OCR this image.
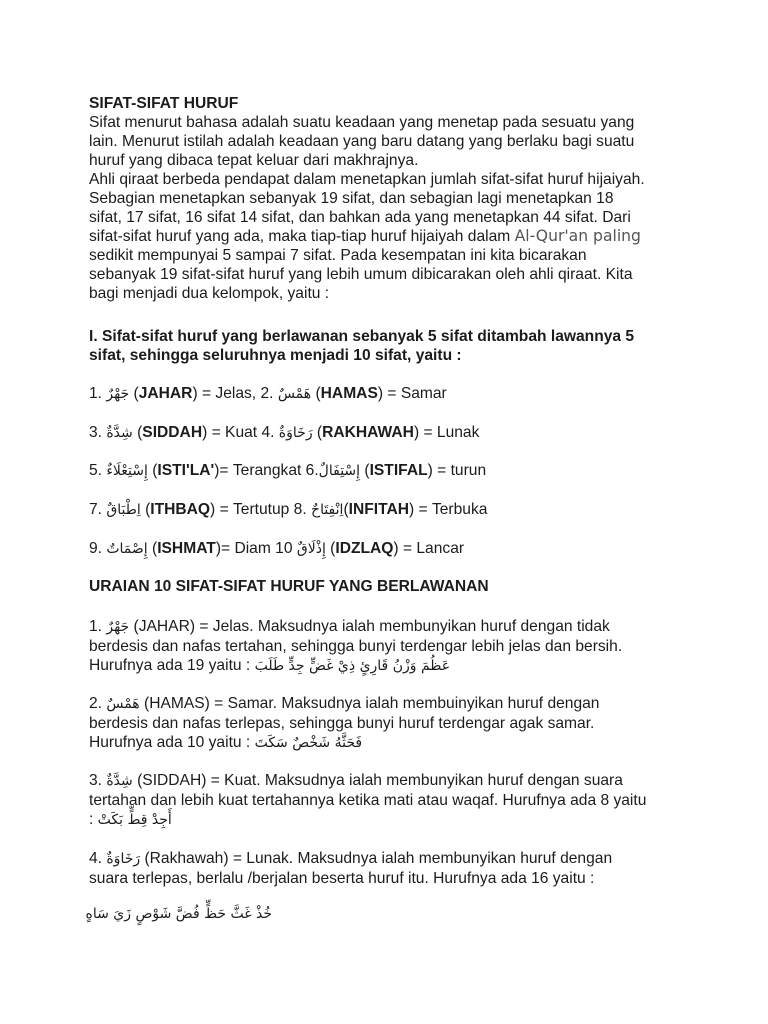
SIFAT-SIFAT HURUF
Sifat menurut bahasa adalah suatu keadaan yang menetap pada sesuatu yang
lain. Menurut istilah adalah keadaan yang baru datang yang berlaku bagi suatu
huruf yang dibaca tepat keluar dari makhrajnya.
Ahli qiraat berbeda pendapat dalam menetapkan jumlah sifat-sifat huruf hijaiyah.
Sebagian menetapkan sebanyak 19 sifat, dan sebagian lagi menetapkan 18
sifat, 17 sifat, 16 sifat 14 sifat, dan bahkan ada yang menetapkan 44 sifat. Dari
sifat-sifat huruf yang ada, maka tiap-tiap huruf hijaiyah dalam Al-Qur'an paling
sedikit mempunyai 5 sampai 7 sifat. Pada kesempatan ini kita bicarakan
sebanyak 19 sifat-sifat huruf yang lebih umum dibicarakan oleh ahli qiraat. Kita
bagi menjadi dua kelompok, yaitu :
I. Sifat-sifat huruf yang berlawanan sebanyak 5 sifat ditambah lawannya 5
sifat, sehingga seluruhnya menjadi 10 sifat, yaitu :
1. جَهْرٌ (JAHAR) = Jelas, 2. هَمْسٌ (HAMAS) = Samar
3. شِدَّةٌ (SIDDAH) = Kuat 4. رَخَاوَةٌ (RAKHAWAH) = Lunak
5. إِسْتِعْلَاءٌ (ISTI'LA')= Terangkat 6.إِسْتِفَالٌ (ISTIFAL) = turun
7. اِطْبَاقٌ (ITHBAQ) = Tertutup 8. اِنْفِتَاحٌ(INFITAH) = Terbuka
9. إِصْمَاتٌ (ISHMAT)= Diam 10 إِذْلَاقٌ (IDZLAQ) = Lancar
URAIAN 10 SIFAT-SIFAT HURUF YANG BERLAWANAN
1. جَهْرٌ (JAHAR) = Jelas. Maksudnya ialah membunyikan huruf dengan tidak
berdesis dan nafas tertahan, sehingga bunyi terdengar lebih jelas dan bersih.
Hurufnya ada 19 yaitu : عَظُمَ وَزْنُ قَارِئٍ ذِيْ غَضٍّ جِدٍّ طَلَبَ
2. هَمْسٌ (HAMAS) = Samar. Maksudnya ialah membuinyikan huruf dengan
berdesis dan nafas terlepas, sehingga bunyi huruf terdengar agak samar.
Hurufnya ada 10 yaitu : فَحَثَّهُ شَخْصٌ سَكَتَ
3. شِدَّةٌ (SIDDAH) = Kuat. Maksudnya ialah membunyikan huruf dengan suara
tertahan dan lebih kuat tertahannya ketika mati atau waqaf. Hurufnya ada 8 yaitu
: أَجِدْ قِطٍّ بَكَتْ
4. رَخَاوَةٌ (Rakhawah) = Lunak. Maksudnya ialah membunyikan huruf dengan
suara terlepas, berlalu /berjalan beserta huruf itu. Hurufnya ada 16 yaitu :
خُذْ غَثَّ حَظٍّ فُضَّ شَوْصٍ زَيَ سَاهٍ
